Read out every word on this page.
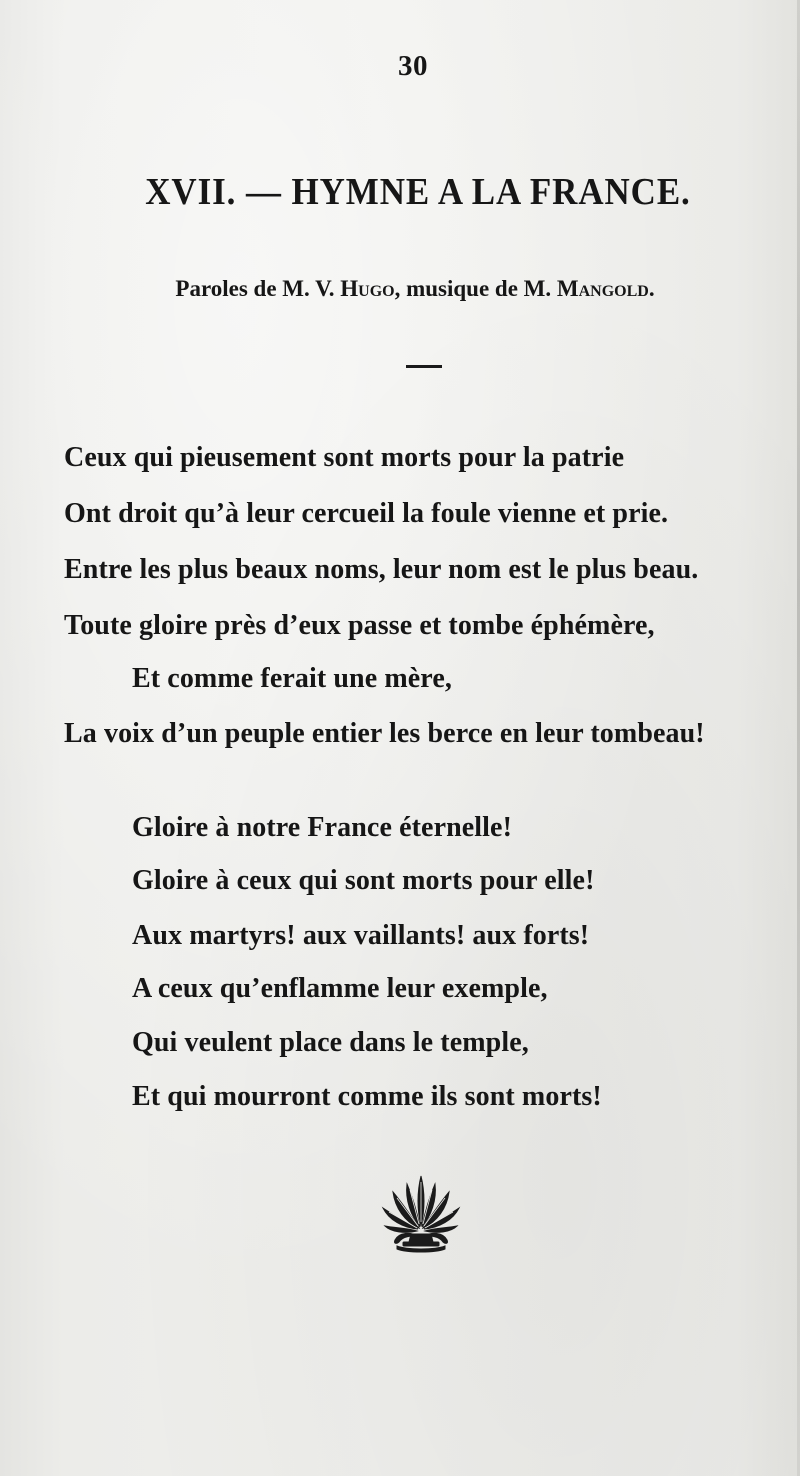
30
XVII. — HYMNE A LA FRANCE.
Paroles de M. V. Hugo, musique de M. Mangold.
Ceux qui pieusement sont morts pour la patrie
Ont droit qu’à leur cercueil la foule vienne et prie.
Entre les plus beaux noms, leur nom est le plus beau.
Toute gloire près d’eux passe et tombe éphémère,
Et comme ferait une mère,
La voix d’un peuple entier les berce en leur tombeau!
Gloire à notre France éternelle!
Gloire à ceux qui sont morts pour elle!
Aux martyrs! aux vaillants! aux forts!
A ceux qu’enflamme leur exemple,
Qui veulent place dans le temple,
Et qui mourront comme ils sont morts!
